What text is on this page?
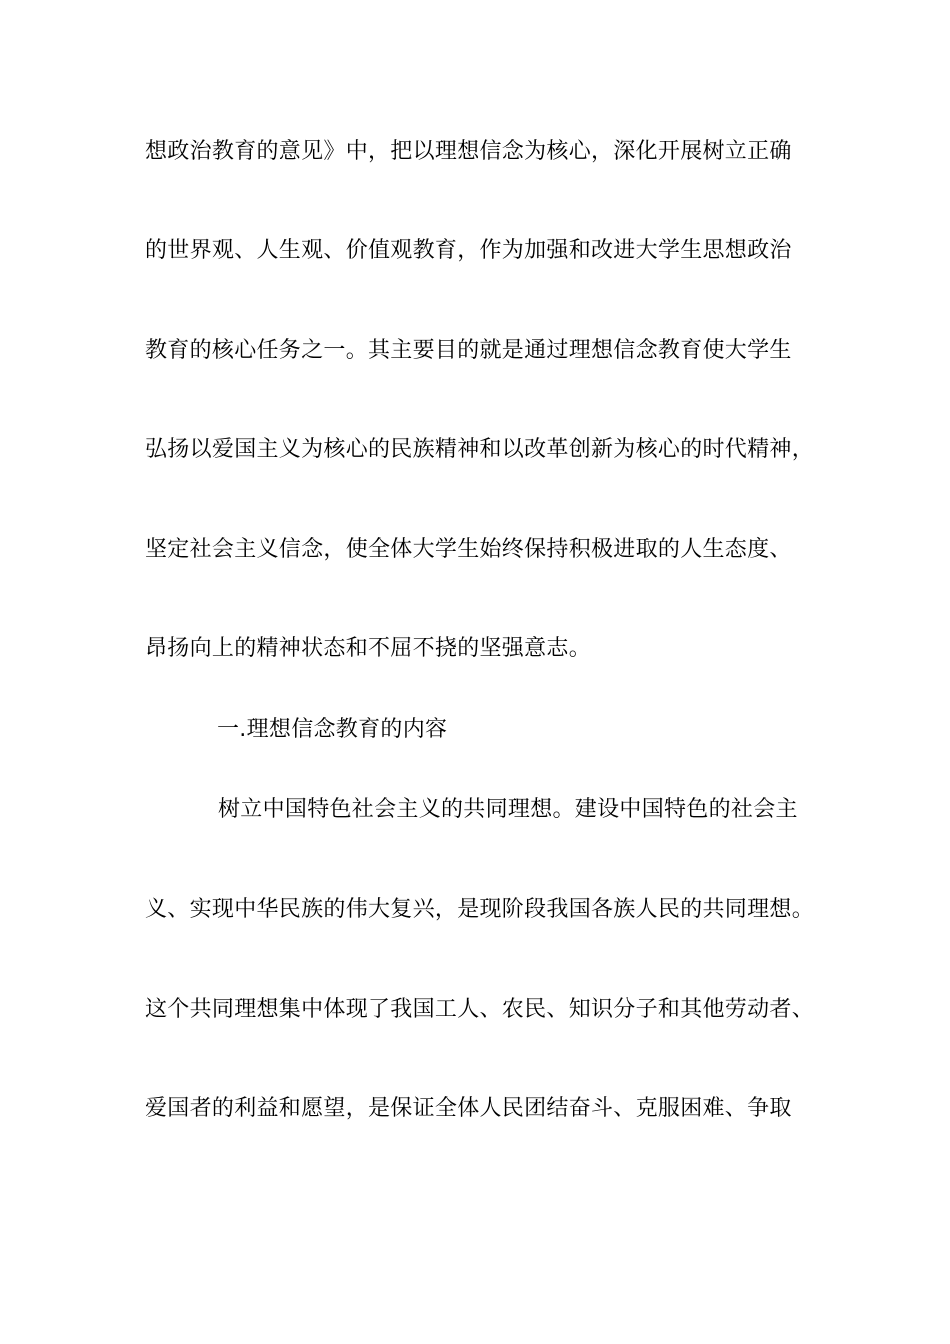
想政治教育的意见》中，把以理想信念为核心，深化开展树立正确
的世界观、人生观、价值观教育，作为加强和改进大学生思想政治
教育的核心任务之一。其主要目的就是通过理想信念教育使大学生
弘扬以爱国主义为核心的民族精神和以改革创新为核心的时代精神，
坚定社会主义信念，使全体大学生始终保持积极进取的人生态度、
昂扬向上的精神状态和不屈不挠的坚强意志。
一.理想信念教育的内容
树立中国特色社会主义的共同理想。建设中国特色的社会主
义、实现中华民族的伟大复兴，是现阶段我国各族人民的共同理想。
这个共同理想集中体现了我国工人、农民、知识分子和其他劳动者、
爱国者的利益和愿望，是保证全体人民团结奋斗、克服困难、争取
